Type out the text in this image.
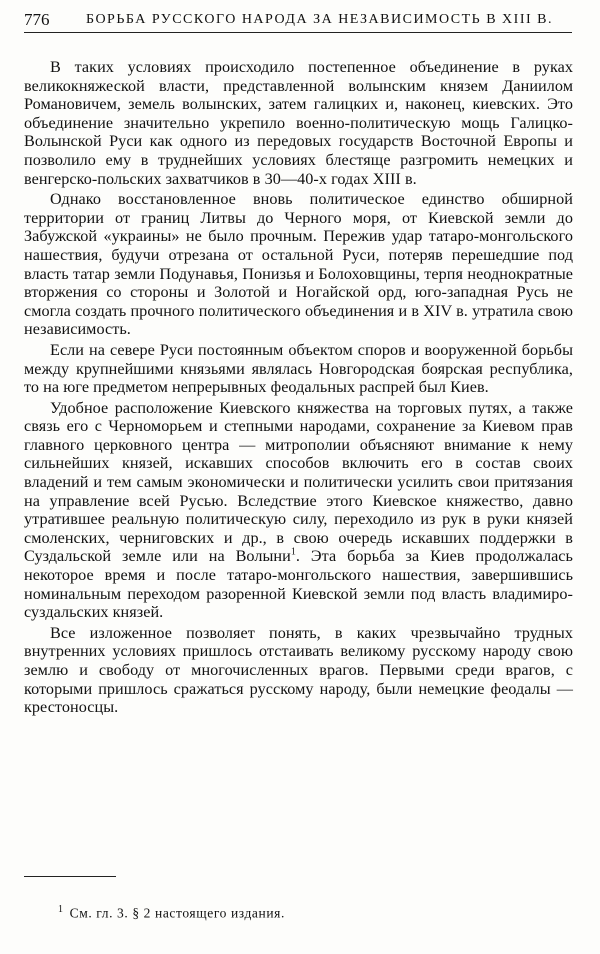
776	БОРЬБА РУССКОГО НАРОДА ЗА НЕЗАВИСИМОСТЬ В XIII В.

В таких условиях происходило постепенное объединение в руках великокняжеской власти, представленной волынским князем Даниилом Романовичем, земель волынских, затем галицких и, наконец, киевских. Это объединение значительно укрепило военно-политическую мощь Галицко-Волынской Руси как одного из передовых государств Восточной Европы и позволило ему в труднейших условиях блестяще разгромить немецких и венгерско-польских захватчиков в 30—40-х годах XIII в.

Однако восстановленное вновь политическое единство обширной территории от границ Литвы до Черного моря, от Киевской земли до Забужской «украины» не было прочным. Пережив удар татаро-монгольского нашествия, будучи отрезана от остальной Руси, потеряв перешедшие под власть татар земли Подунавья, Понизья и Болоховщины, терпя неоднократные вторжения со стороны и Золотой и Ногайской орд, юго-западная Русь не смогла создать прочного политического объединения и в XIV в. утратила свою независимость.

Если на севере Руси постоянным объектом споров и вооруженной борьбы между крупнейшими князьями являлась Новгородская боярская республика, то на юге предметом непрерывных феодальных распрей был Киев.

Удобное расположение Киевского княжества на торговых путях, а также связь его с Черноморьем и степными народами, сохранение за Киевом прав главного церковного центра — митрополии объясняют внимание к нему сильнейших князей, искавших способов включить его в состав своих владений и тем самым экономически и политически усилить свои притязания на управление всей Русью. Вследствие этого Киевское княжество, давно утратившее реальную политическую силу, переходило из рук в руки князей смоленских, черниговских и др., в свою очередь искавших поддержки в Суздальской земле или на Волыни$^1$. Эта борьба за Киев продолжалась некоторое время и после татаро-монгольского нашествия, завершившись номинальным переходом разоренной Киевской земли под власть владимиро-суздальских князей.

Все изложенное позволяет понять, в каких чрезвычайно трудных внутренних условиях пришлось отстаивать великому русскому народу свою землю и свободу от многочисленных врагов. Первыми среди врагов, с которыми пришлось сражаться русскому народу, были немецкие феодалы — крестоносцы.

$^1$ См. гл. 3. § 2 настоящего издания.
